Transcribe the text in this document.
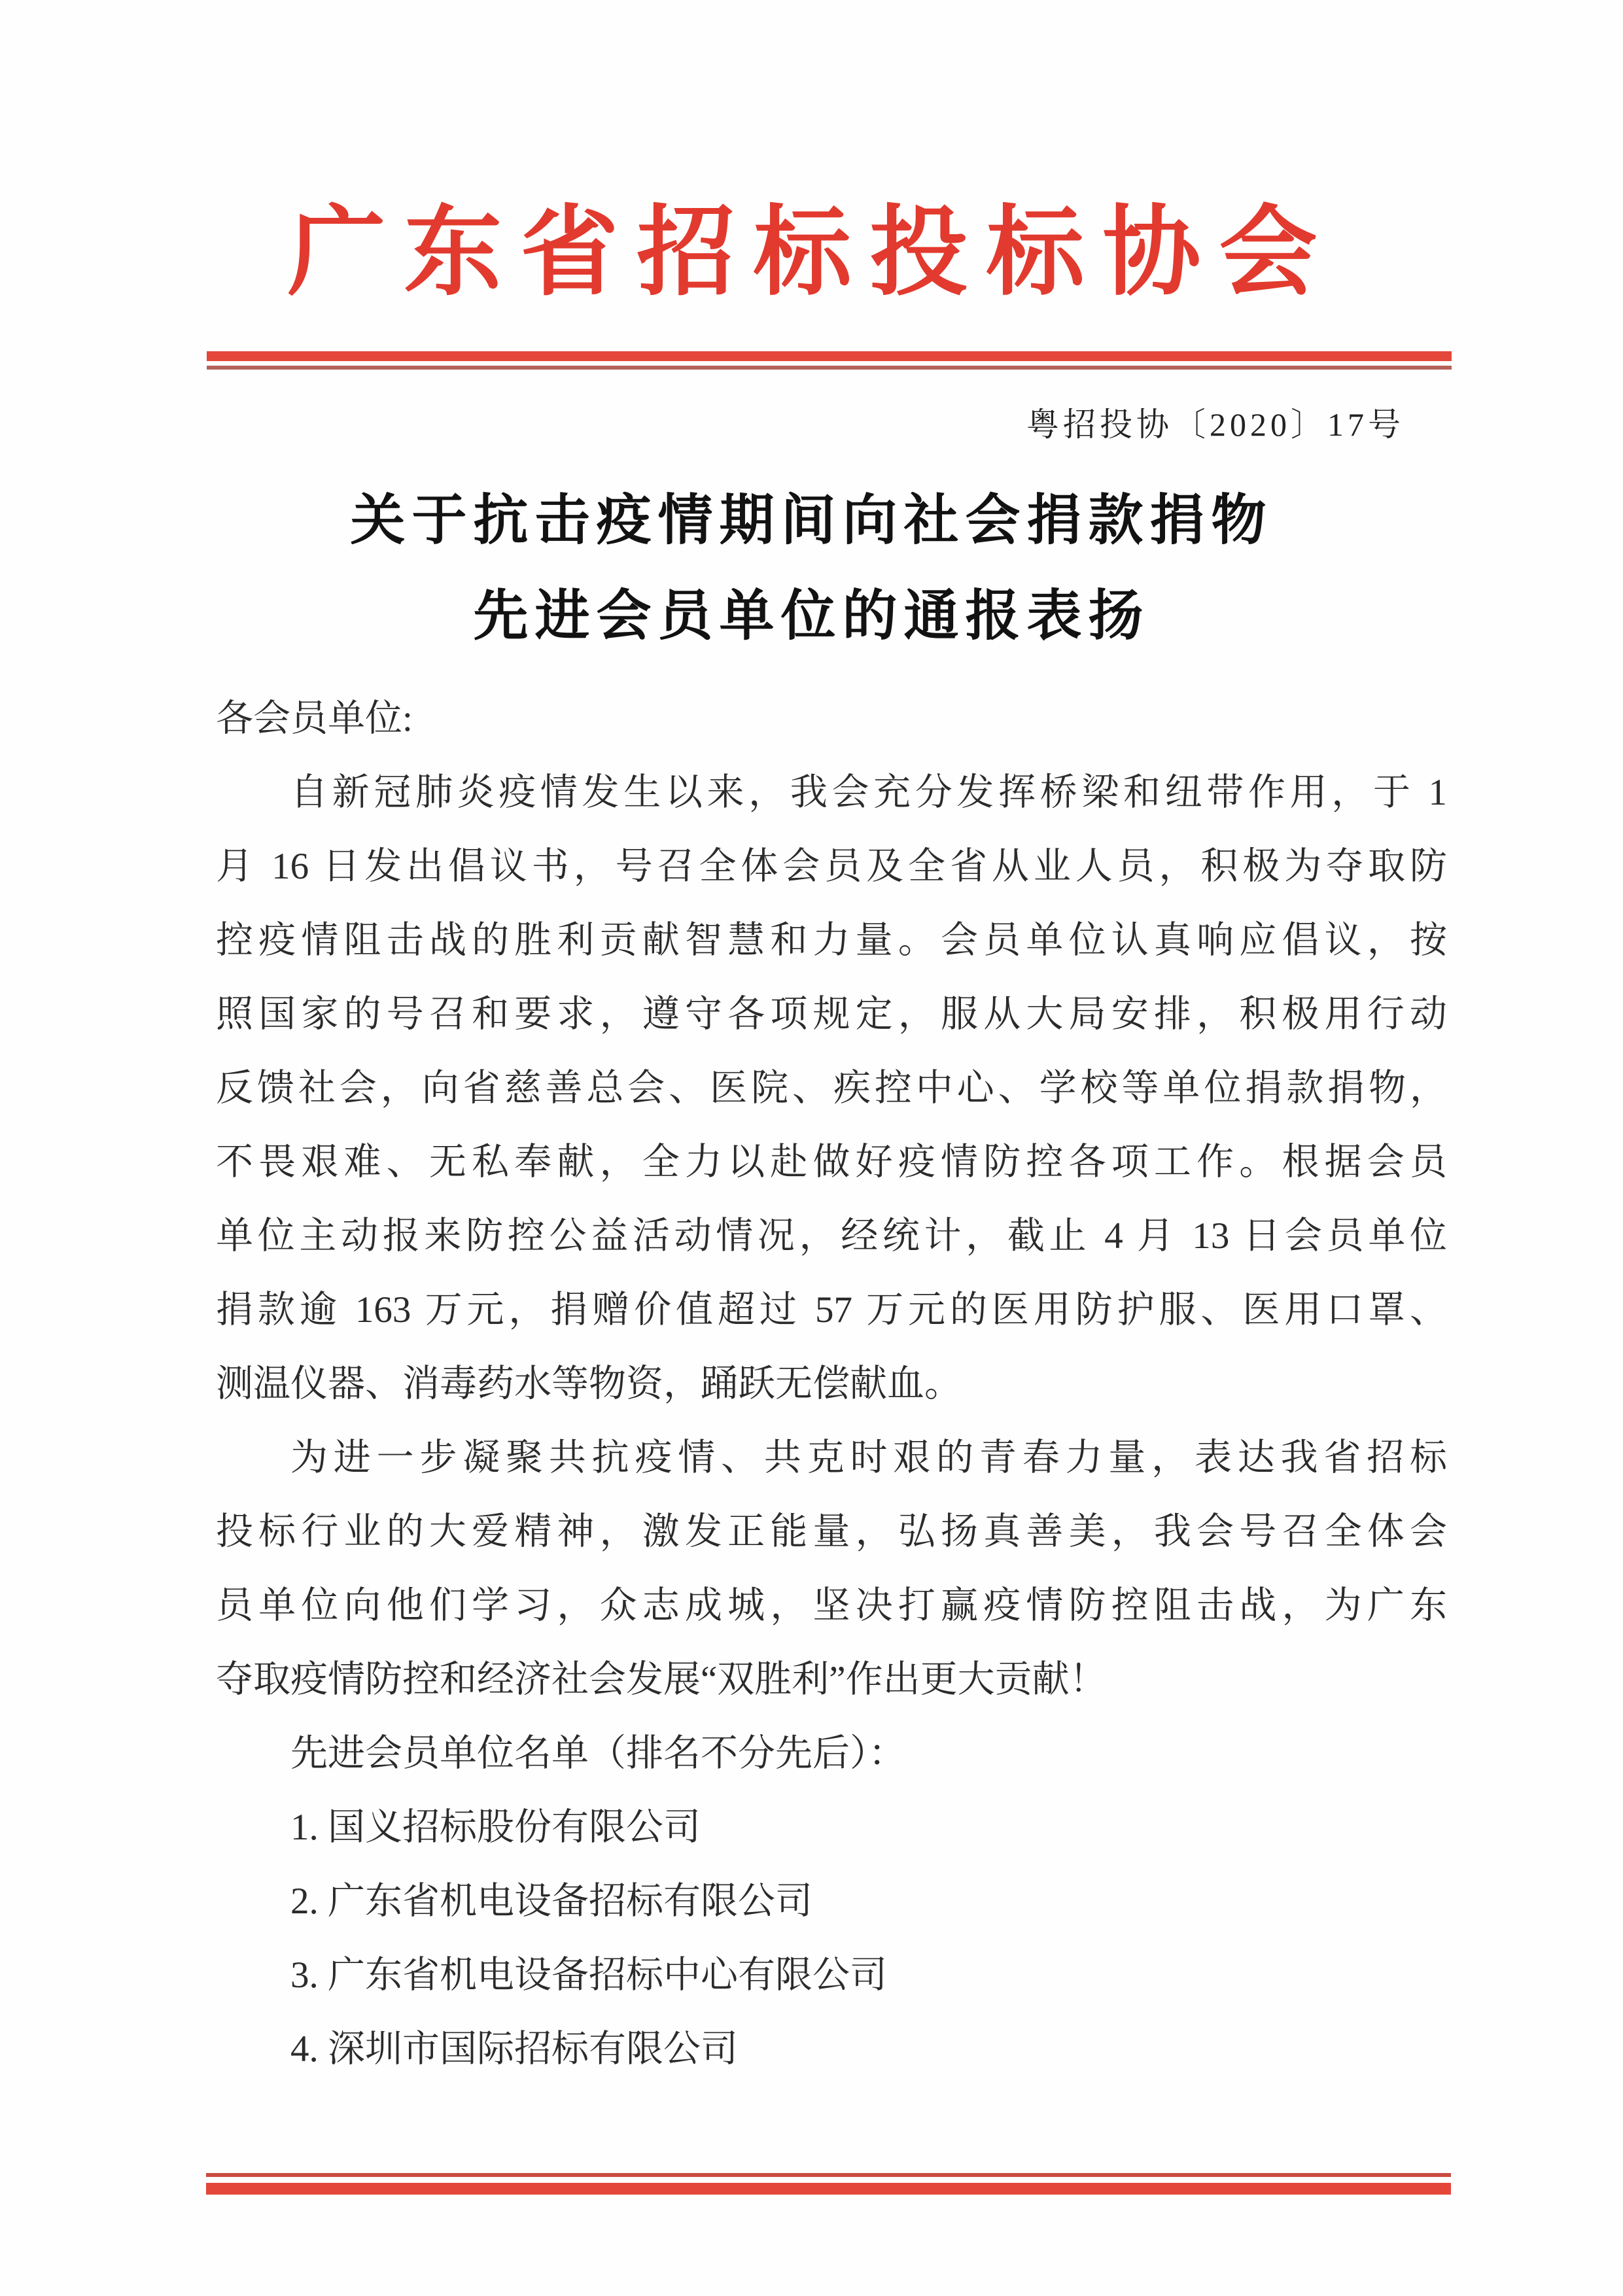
广东省招标投标协会
粤招投协〔2020〕17号
关于抗击疫情期间向社会捐款捐物
先进会员单位的通报表扬
各会员单位:
自新冠肺炎疫情发生以来，我会充分发挥桥梁和纽带作用，于 1
月 16 日发出倡议书，号召全体会员及全省从业人员，积极为夺取防
控疫情阻击战的胜利贡献智慧和力量。会员单位认真响应倡议，按
照国家的号召和要求，遵守各项规定，服从大局安排，积极用行动
反馈社会，向省慈善总会、医院、疾控中心、学校等单位捐款捐物，
不畏艰难、无私奉献，全力以赴做好疫情防控各项工作。根据会员
单位主动报来防控公益活动情况，经统计，截止 4 月 13 日会员单位
捐款逾 163 万元，捐赠价值超过 57 万元的医用防护服、医用口罩、
测温仪器、消毒药水等物资，踊跃无偿献血。
为进一步凝聚共抗疫情、共克时艰的青春力量，表达我省招标
投标行业的大爱精神，激发正能量，弘扬真善美，我会号召全体会
员单位向他们学习，众志成城，坚决打赢疫情防控阻击战，为广东
夺取疫情防控和经济社会发展“双胜利”作出更大贡献！
先进会员单位名单（排名不分先后）：
1. 国义招标股份有限公司
2. 广东省机电设备招标有限公司
3. 广东省机电设备招标中心有限公司
4. 深圳市国际招标有限公司
